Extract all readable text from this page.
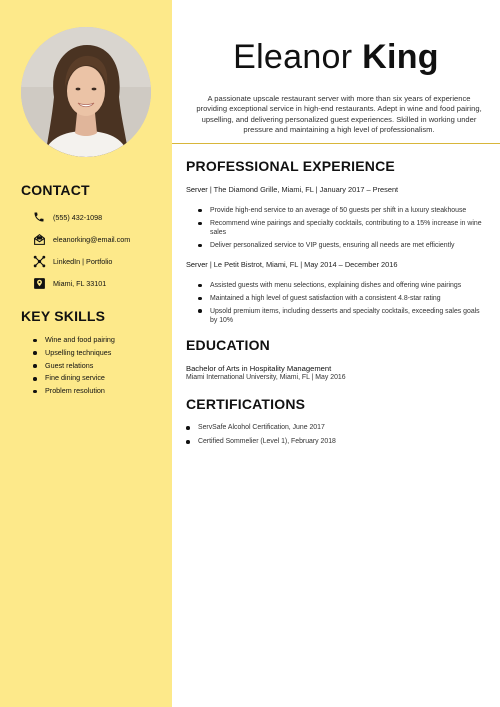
CONTACT
(555) 432-1098
eleanorking@email.com
LinkedIn | Portfolio
Miami, FL 33101
KEY SKILLS
Wine and food pairing
Upselling techniques
Guest relations
Fine dining service
Problem resolution
Eleanor King

A passionate upscale restaurant server with more than six years of experience providing exceptional service in high-end restaurants. Adept in wine and food pairing, upselling, and delivering personalized guest experiences. Skilled in working under pressure and maintaining a high level of professionalism.

PROFESSIONAL EXPERIENCE
Server | The Diamond Grille, Miami, FL | January 2017 – Present
Provide high-end service to an average of 50 guests per shift in a luxury steakhouse
Recommend wine pairings and specialty cocktails, contributing to a 15% increase in wine sales
Deliver personalized service to VIP guests, ensuring all needs are met efficiently
Server | Le Petit Bistrot, Miami, FL | May 2014 – December 2016
Assisted guests with menu selections, explaining dishes and offering wine pairings
Maintained a high level of guest satisfaction with a consistent 4.8-star rating
Upsold premium items, including desserts and specialty cocktails, exceeding sales goals by 10%
EDUCATION
Bachelor of Arts in Hospitality Management
Miami International University, Miami, FL | May 2016
CERTIFICATIONS
ServSafe Alcohol Certification, June 2017
Certified Sommelier (Level 1), February 2018
